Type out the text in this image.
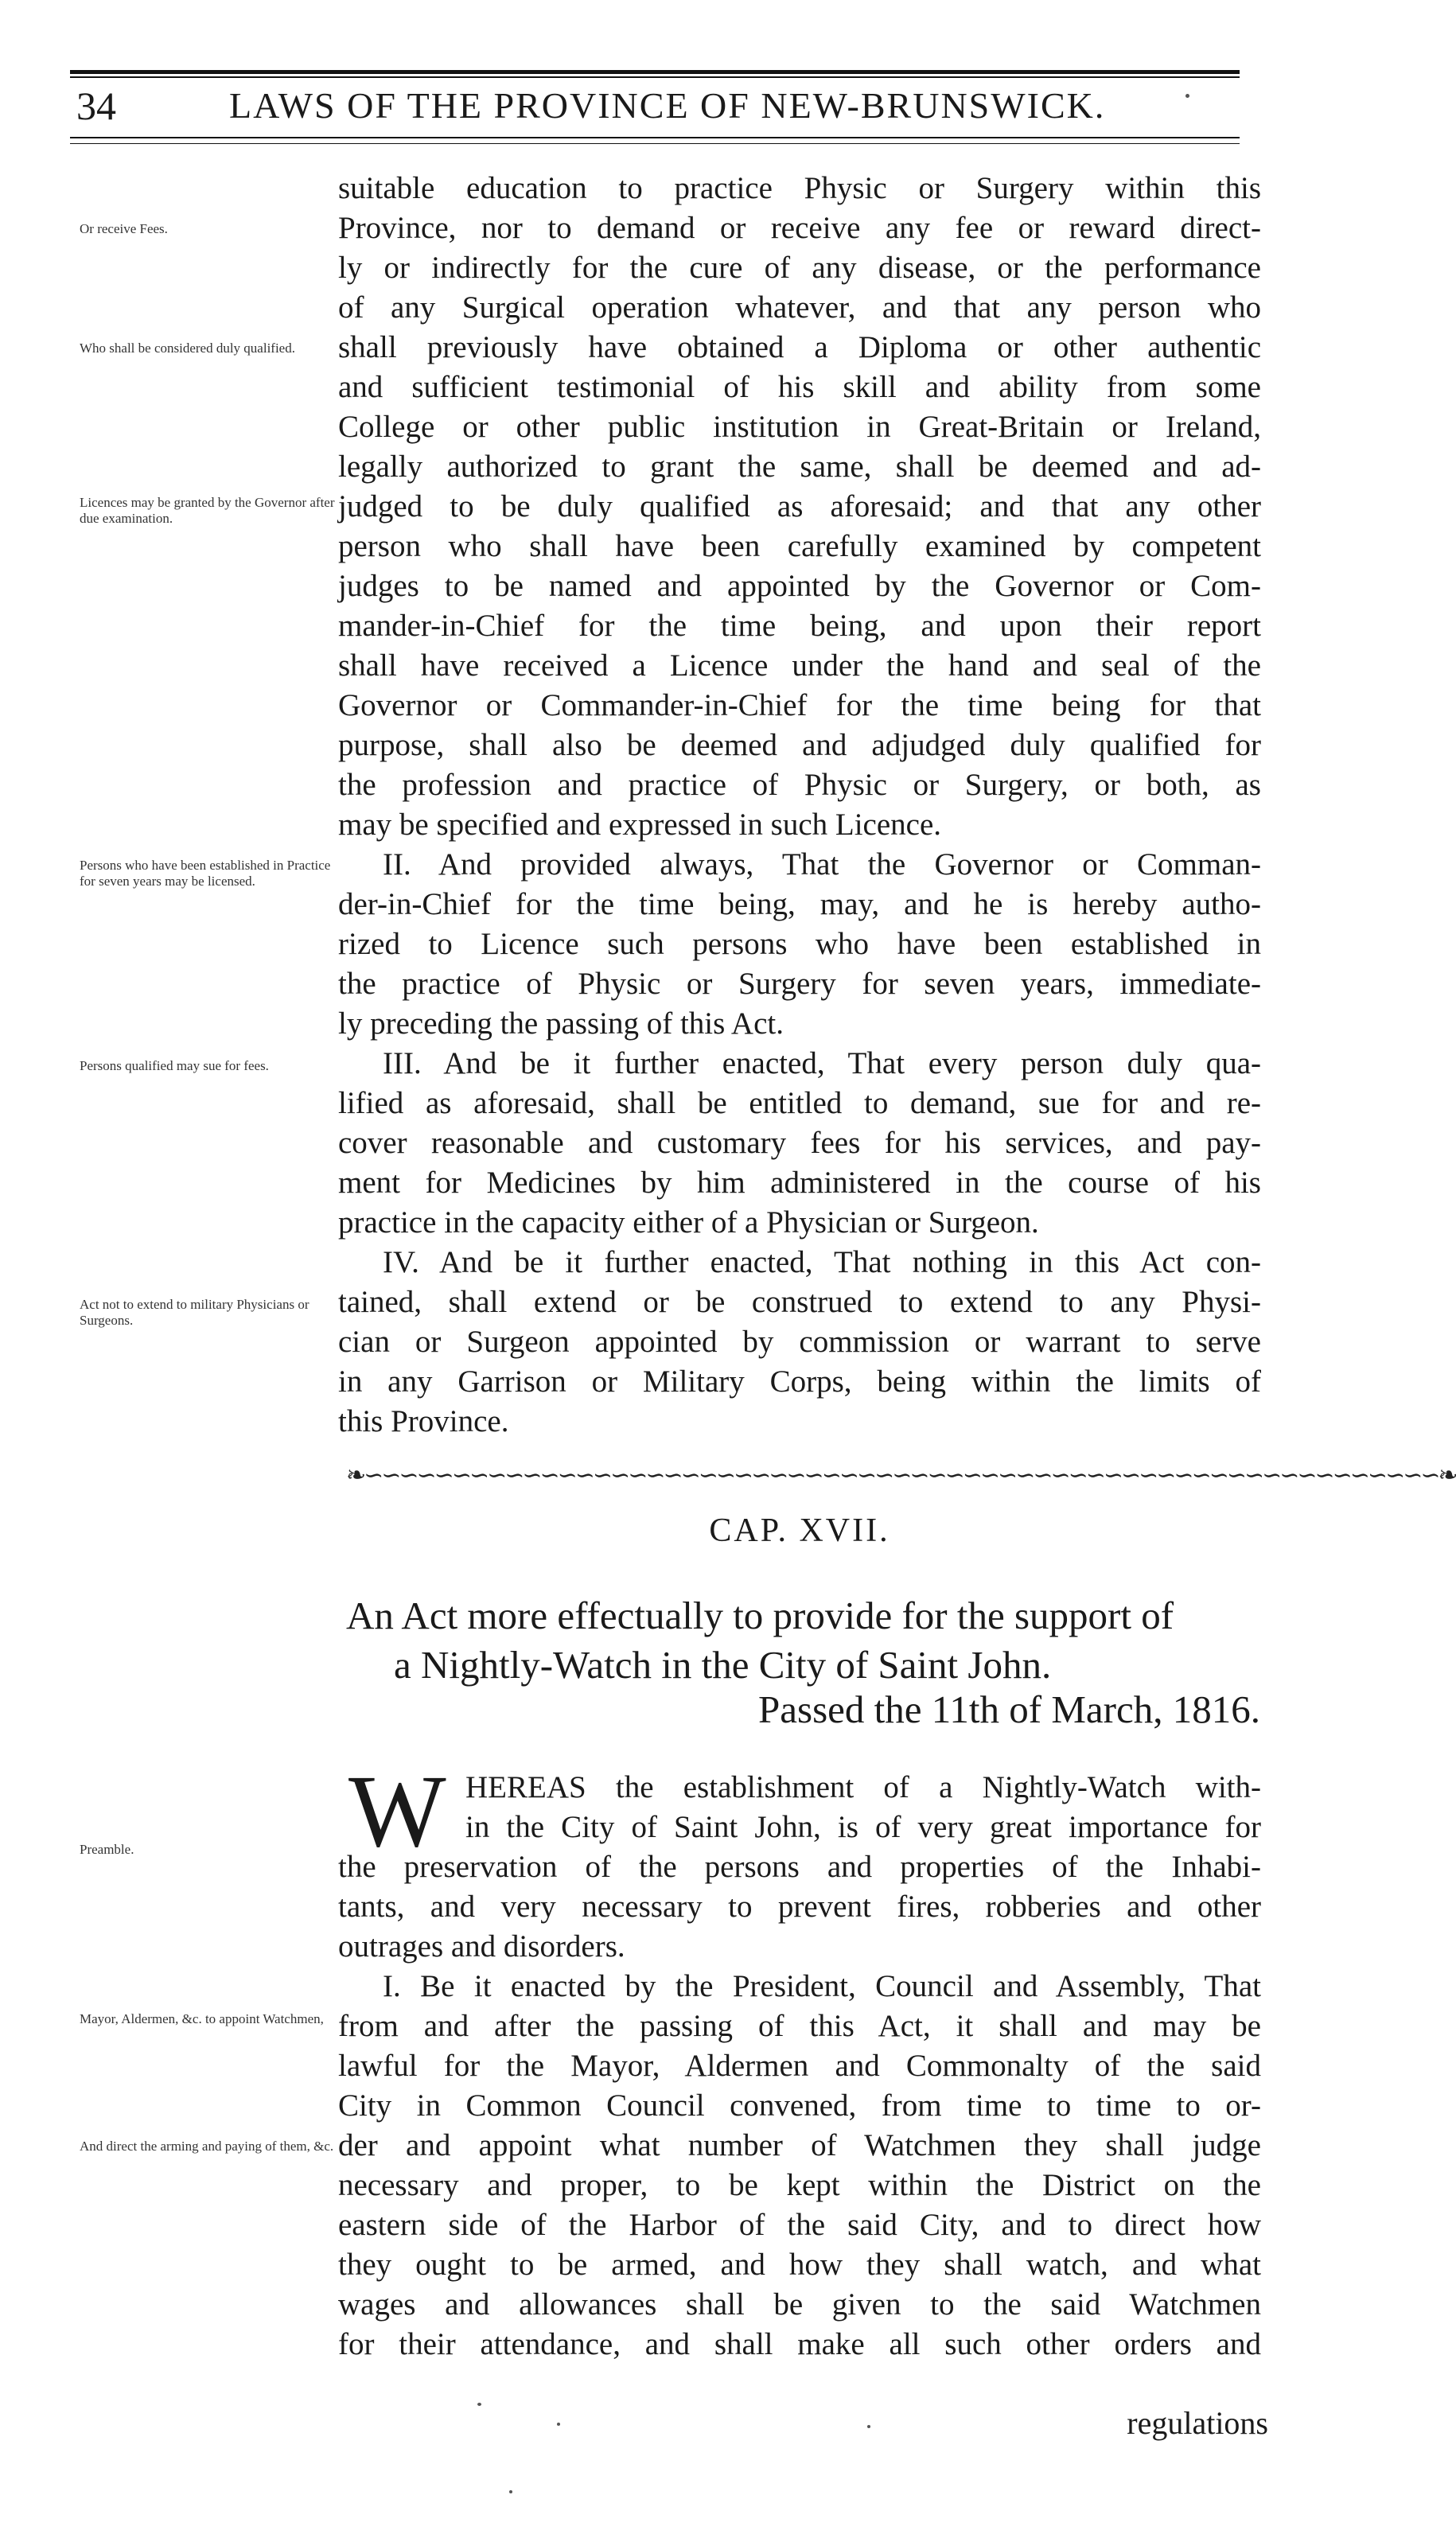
34	LAWS OF THE PROVINCE OF NEW-BRUNSWICK.
suitable education to practice Physic or Surgery within this
Province, nor to demand or receive any fee or reward direct-
ly or indirectly for the cure of any disease, or the performance
of any Surgical operation whatever, and that any person who
shall previously have obtained a Diploma or other authentic
and sufficient testimonial of his skill and ability from some
College or other public institution in Great-Britain or Ireland,
legally authorized to grant the same, shall be deemed and ad-
judged to be duly qualified as aforesaid; and that any other
person who shall have been carefully examined by competent
judges to be named and appointed by the Governor or Com-
mander-in-Chief for the time being, and upon their report
shall have received a Licence under the hand and seal of the
Governor or Commander-in-Chief for the time being for that
purpose, shall also be deemed and adjudged duly qualified for
the profession and practice of Physic or Surgery, or both, as
may be specified and expressed in such Licence.
II. And provided always, That the Governor or Comman-
der-in-Chief for the time being, may, and he is hereby autho-
rized to Licence such persons who have been established in
the practice of Physic or Surgery for seven years, immediate-
ly preceding the passing of this Act.
III. And be it further enacted, That every person duly qua-
lified as aforesaid, shall be entitled to demand, sue for and re-
cover reasonable and customary fees for his services, and pay-
ment for Medicines by him administered in the course of his
practice in the capacity either of a Physician or Surgeon.
IV. And be it further enacted, That nothing in this Act con-
tained, shall extend or be construed to extend to any Physi-
cian or Surgeon appointed by commission or warrant to serve
in any Garrison or Military Corps, being within the limits of
this Province.
Or receive Fees.
Who shall be considered duly qualified.
Licences may be granted by the Governor after due examination.
Persons who have been established in Practice for seven years may be licensed.
Persons qualified may sue for fees.
Act not to extend to military Physicians or Surgeons.
❧∽∽∽∽∽∽∽∽∽∽∽∽∽∽∽∽∽∽∽∽∽∽∽∽∽∽∽∽∽∽∽∽∽∽∽∽∽∽∽∽∽∽∽∽∽∽∽∽∽∽∽∽∽∽∽∽∽∽∽∽∽❧
CAP. XVII.
An Act more effectually to provide for the support of
a Nightly-Watch in the City of Saint John.
Passed the 11th of March, 1816.
W HEREAS the establishment of a Nightly-Watch with-
in the City of Saint John, is of very great importance for
the preservation of the persons and properties of the Inhabi-
tants, and very necessary to prevent fires, robberies and other
outrages and disorders.
I. Be it enacted by the President, Council and Assembly, That
from and after the passing of this Act, it shall and may be
lawful for the Mayor, Aldermen and Commonalty of the said
City in Common Council convened, from time to time to or-
der and appoint what number of Watchmen they shall judge
necessary and proper, to be kept within the District on the
eastern side of the Harbor of the said City, and to direct how
they ought to be armed, and how they shall watch, and what
wages and allowances shall be given to the said Watchmen
for their attendance, and shall make all such other orders and
Preamble.
Mayor, Aldermen, &c. to appoint Watchmen,
And direct the arming and paying of them, &c.
regulations
